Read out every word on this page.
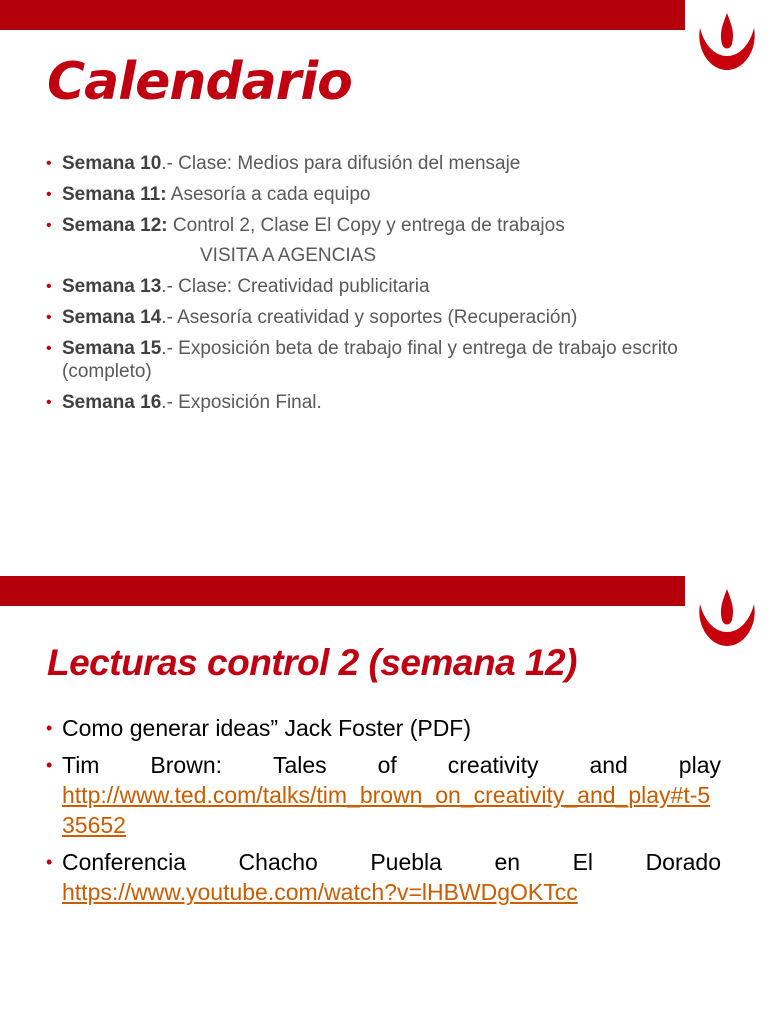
Calendario
• Semana 10.- Clase: Medios para difusión del mensaje
• Semana 11: Asesoría a cada equipo
• Semana 12: Control 2, Clase El Copy y entrega de trabajos
VISITA A AGENCIAS
• Semana 13.- Clase: Creatividad publicitaria
• Semana 14.- Asesoría creatividad y soportes (Recuperación)
• Semana 15.- Exposición beta de trabajo final y entrega de trabajo escrito (completo)
• Semana 16.- Exposición Final.
Lecturas control 2 (semana 12)
• Como generar ideas” Jack Foster (PDF)
• Tim Brown: Tales of creativity and play
http://www.ted.com/talks/tim_brown_on_creativity_and_play#t-535652
• Conferencia Chacho Puebla en El Dorado
https://www.youtube.com/watch?v=lHBWDgOKTcc
